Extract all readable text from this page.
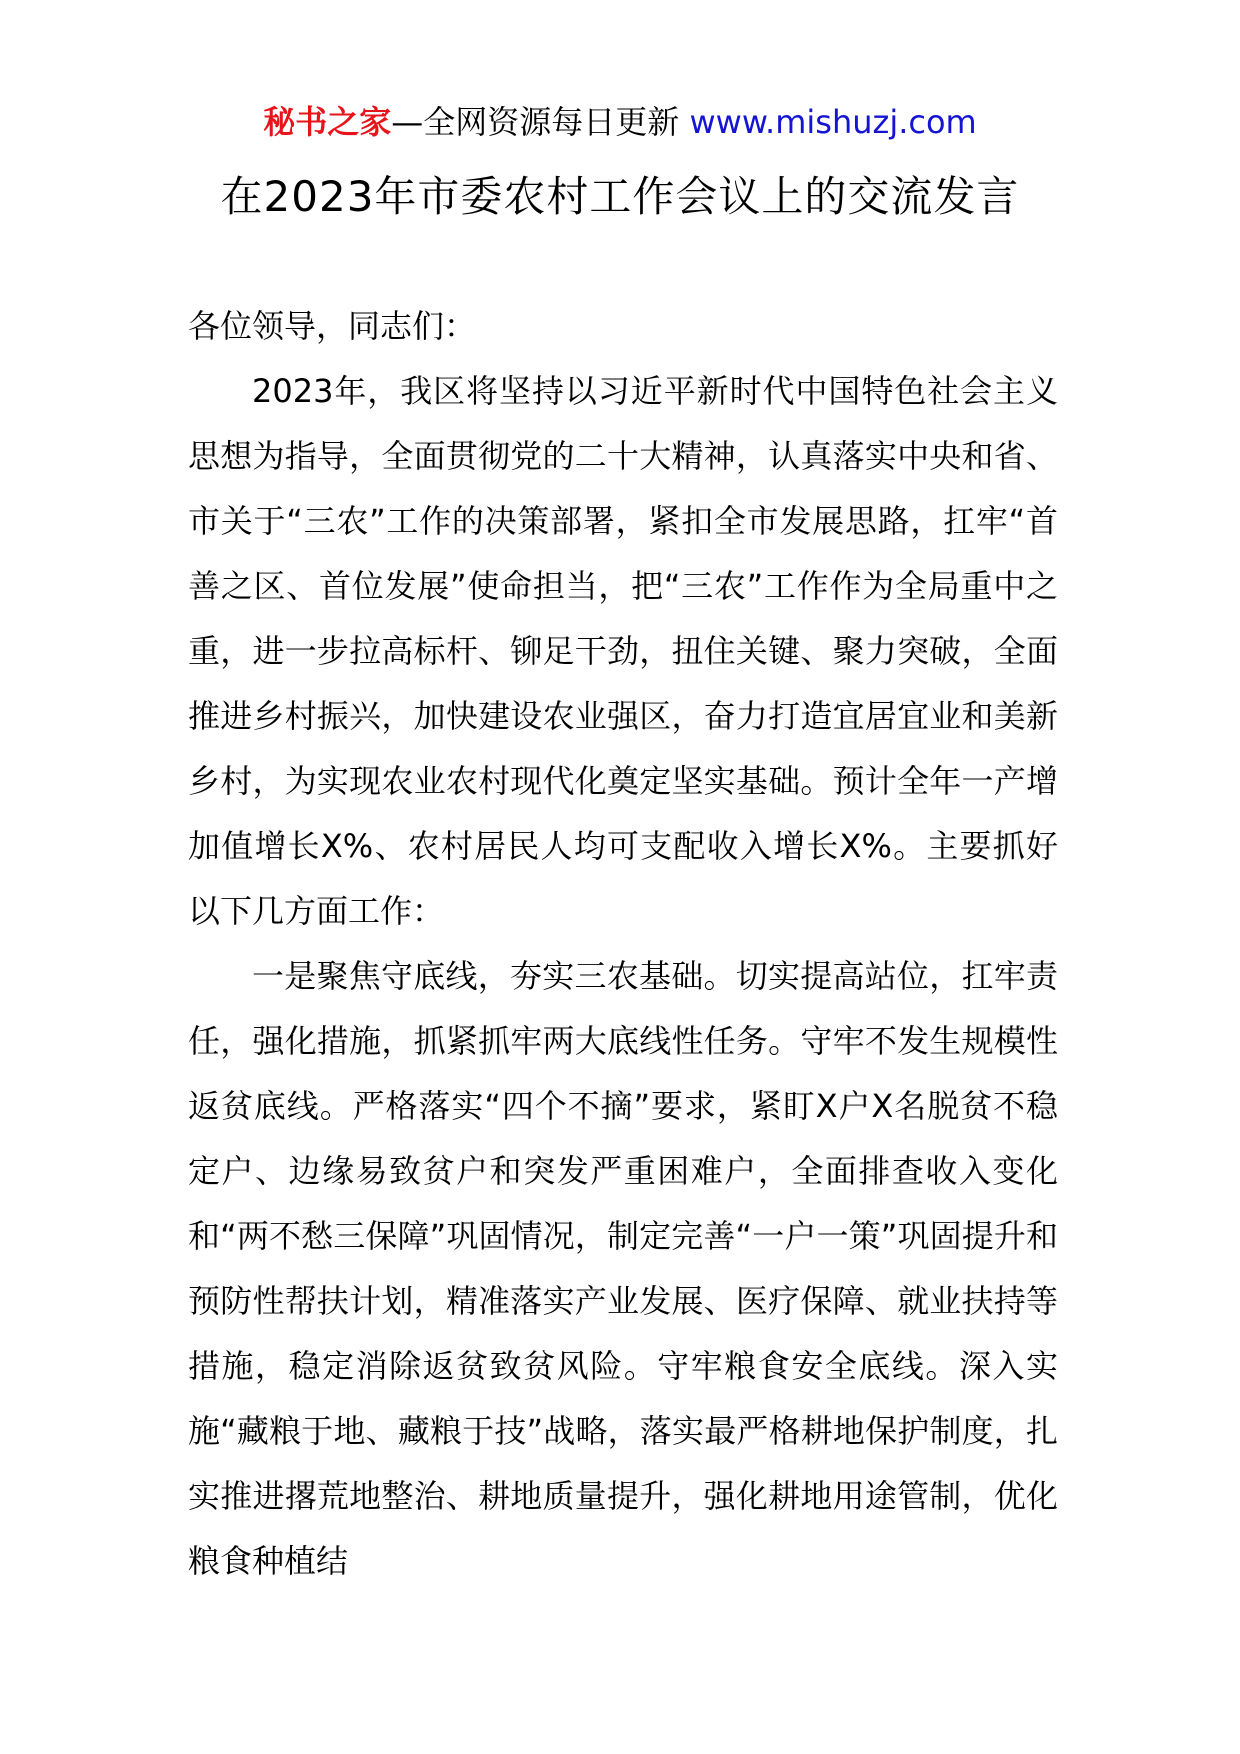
秘书之家—全网资源每日更新 www.mishuzj.com
在2023年市委农村工作会议上的交流发言

各位领导，同志们：

2023年，我区将坚持以习近平新时代中国特色社会主义思想为指导，全面贯彻党的二十大精神，认真落实中央和省、市关于“三农”工作的决策部署，紧扣全市发展思路，扛牢“首善之区、首位发展”使命担当，把“三农”工作作为全局重中之重，进一步拉高标杆、铆足干劲，扭住关键、聚力突破，全面推进乡村振兴，加快建设农业强区，奋力打造宜居宜业和美新乡村，为实现农业农村现代化奠定坚实基础。预计全年一产增加值增长X%、农村居民人均可支配收入增长X%。主要抓好以下几方面工作：

一是聚焦守底线，夯实三农基础。切实提高站位，扛牢责任，强化措施，抓紧抓牢两大底线性任务。守牢不发生规模性返贫底线。严格落实“四个不摘”要求，紧盯X户X名脱贫不稳定户、边缘易致贫户和突发严重困难户，全面排查收入变化和“两不愁三保障”巩固情况，制定完善“一户一策”巩固提升和预防性帮扶计划，精准落实产业发展、医疗保障、就业扶持等措施，稳定消除返贫致贫风险。守牢粮食安全底线。深入实施“藏粮于地、藏粮于技”战略，落实最严格耕地保护制度，扎实推进撂荒地整治、耕地质量提升，强化耕地用途管制，优化粮食种植结
